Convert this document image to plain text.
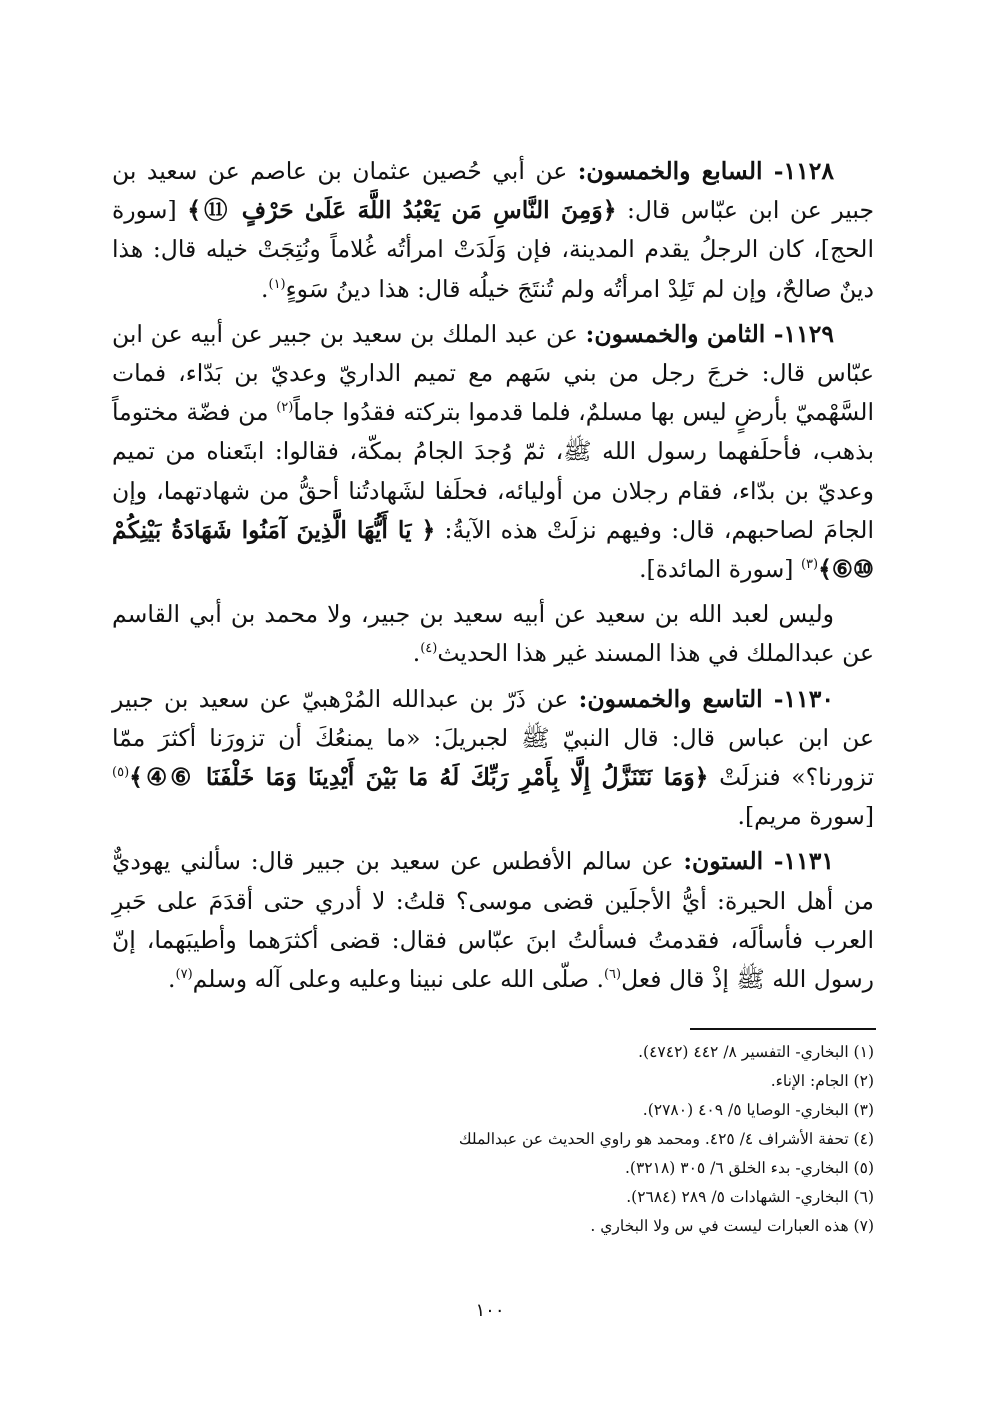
١١٢٨- السابع والخمسون: عن أبي حُصين عثمان بن عاصم عن سعيد بن جبير عن ابن عبّاس قال: ﴿وَمِنَ النَّاسِ مَن يَعْبُدُ اللَّهَ عَلَىٰ حَرْفٍ ⑪﴾ [سورة الحج]، كان الرجلُ يقدم المدينة، فإن وَلَدَتْ امرأتُه غُلاماً ونُتِجَتْ خيله قال: هذا دينٌ صالحٌ، وإن لم تَلِدْ امرأتُه ولم تُنتَجَ خيلُه قال: هذا دينُ سَوءٍ$^{(١)}$.

١١٢٩- الثامن والخمسون: عن عبد الملك بن سعيد بن جبير عن أبيه عن ابن عبّاس قال: خرجَ رجل من بني سَهم مع تميم الداريّ وعديّ بن بَدّاء، فمات السَّهْميّ بأرضٍ ليس بها مسلمٌ، فلما قدموا بتركته فقدُوا جاماً$^{(٢)}$ من فضّة مختوماً بذهب، فأحلَفهما رسول الله ﷺ، ثمّ وُجدَ الجامُ بمكّة، فقالوا: ابتَعناه من تميم وعديّ بن بدّاء، فقام رجلان من أوليائه، فحلَفا لشَهادتُنا أحقُّ من شهادتهما، وإن الجامَ لصاحبهم، قال: وفيهم نزلَتْ هذه الآيةُ: ﴿ يَا أَيُّهَا الَّذِينَ آمَنُوا شَهَادَةُ بَيْنِكُمْ ⑩⑥﴾$^{(٣)}$ [سورة المائدة].

وليس لعبد الله بن سعيد عن أبيه سعيد بن جبير، ولا محمد بن أبي القاسم عن عبدالملك في هذا المسند غير هذا الحديث$^{(٤)}$.

١١٣٠- التاسع والخمسون: عن ذَرّ بن عبدالله المُرْهبيّ عن سعيد بن جبير عن ابن عباس قال: قال النبيّ ﷺ لجبريلَ: «ما يمنعُكَ أن تزورَنا أكثرَ ممّا تزورنا؟» فنزلَتْ ﴿وَمَا نَتَنَزَّلُ إِلَّا بِأَمْرِ رَبِّكَ لَهُ مَا بَيْنَ أَيْدِينَا وَمَا خَلْفَنَا ⑥④﴾$^{(٥)}$ [سورة مريم].

١١٣١- الستون: عن سالم الأفطس عن سعيد بن جبير قال: سألني يهوديٌّ من أهل الحيرة: أيُّ الأجلَين قضى موسى؟ قلتُ: لا أدري حتى أقدَمَ على حَبرِ العرب فأسألَه، فقدمتُ فسألتُ ابنَ عبّاس فقال: قضى أكثرَهما وأطيبَهما، إنّ رسول الله ﷺ إذْ قال فعل$^{(٦)}$. صلّى الله على نبينا وعليه وعلى آله وسلم$^{(٧)}$.

(١) البخاري- التفسير ٨/ ٤٤٢ (٤٧٤٢).
(٢) الجام: الإناء.
(٣) البخاري- الوصايا ٥/ ٤٠٩ (٢٧٨٠).
(٤) تحفة الأشراف ٤/ ٤٢٥. ومحمد هو راوي الحديث عن عبدالملك
(٥) البخاري- بدء الخلق ٦/ ٣٠٥ (٣٢١٨).
(٦) البخاري- الشهادات ٥/ ٢٨٩ (٢٦٨٤).
(٧) هذه العبارات ليست في س ولا البخاري .
١٠٠
